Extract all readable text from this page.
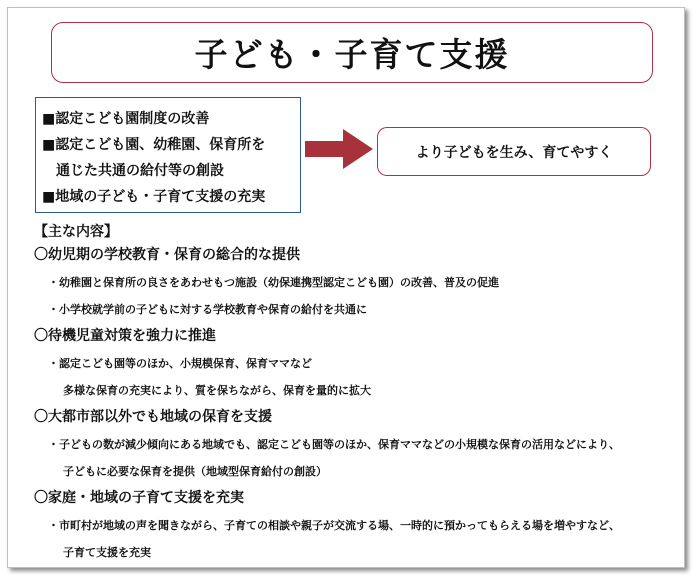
子ども・子育て支援
■認定こども園制度の改善
■認定こども園、幼稚園、保育所を
通じた共通の給付等の創設
■地域の子ども・子育て支援の充実
より子どもを生み、育てやすく
【主な内容】
〇幼児期の学校教育・保育の総合的な提供
・幼稚園と保育所の良さをあわせもつ施設（幼保連携型認定こども園）の改善、普及の促進
・小学校就学前の子どもに対する学校教育や保育の給付を共通に
〇待機児童対策を強力に推進
・認定こども園等のほか、小規模保育、保育ママなど
多様な保育の充実により、質を保ちながら、保育を量的に拡大
〇大都市部以外でも地域の保育を支援
・子どもの数が減少傾向にある地域でも、認定こども園等のほか、保育ママなどの小規模な保育の活用などにより、
子どもに必要な保育を提供（地域型保育給付の創設）
〇家庭・地域の子育て支援を充実
・市町村が地域の声を聞きながら、子育ての相談や親子が交流する場、一時的に預かってもらえる場を増やすなど、
子育て支援を充実
